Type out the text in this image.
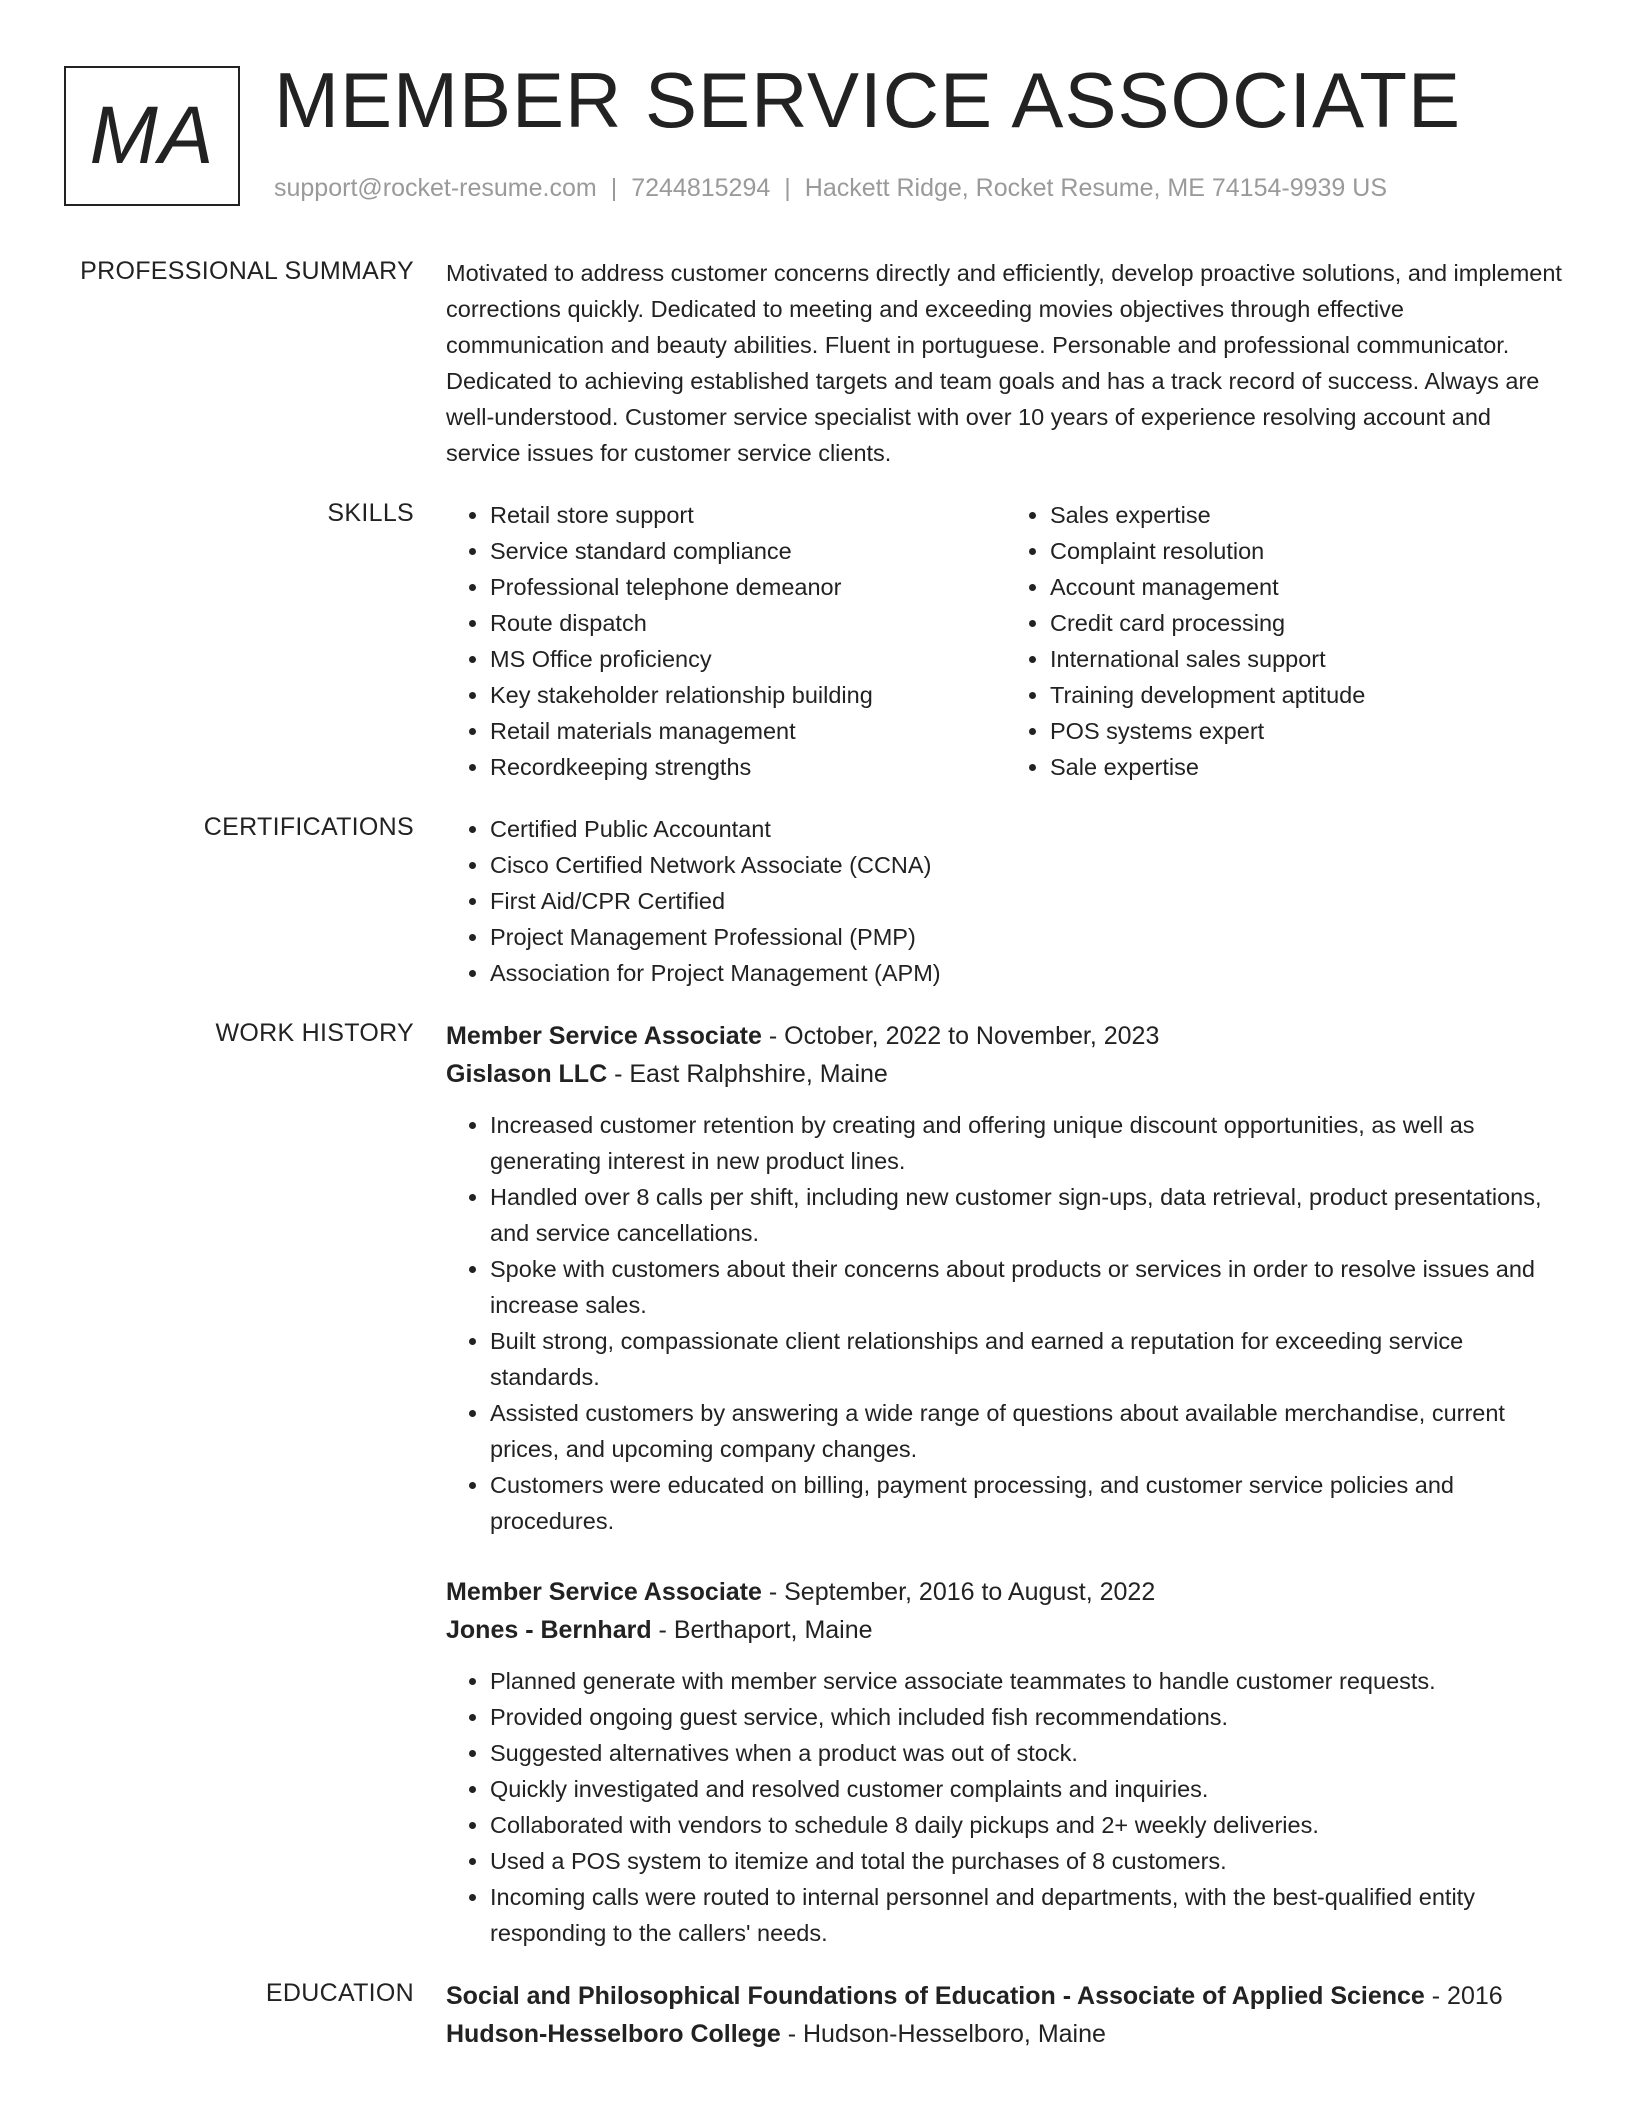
MA MEMBER SERVICE ASSOCIATE
support@rocket-resume.com | 7244815294 | Hackett Ridge, Rocket Resume, ME 74154-9939 US
PROFESSIONAL SUMMARY Motivated to address customer concerns directly and efficiently, develop proactive solutions, and implement corrections quickly. Dedicated to meeting and exceeding movies objectives through effective communication and beauty abilities. Fluent in portuguese. Personable and professional communicator. Dedicated to achieving established targets and team goals and has a track record of success. Always are well-understood. Customer service specialist with over 10 years of experience resolving account and service issues for customer service clients.

SKILLS	• Retail store support
• Service standard compliance
• Professional telephone demeanor
• Route dispatch
• MS Office proficiency
• Key stakeholder relationship building
• Retail materials management
• Recordkeeping strengths
• Sales expertise
• Complaint resolution
• Account management
• Credit card processing
• International sales support
• Training development aptitude
• POS systems expert
• Sale expertise
CERTIFICATIONS	• Certified Public Accountant
• Cisco Certified Network Associate (CCNA)
• First Aid/CPR Certified
• Project Management Professional (PMP)
• Association for Project Management (APM)
WORK HISTORY Member Service Associate - October, 2022 to November, 2023
Gislason LLC - East Ralphshire, Maine
• Increased customer retention by creating and offering unique discount opportunities, as well as generating interest in new product lines.
• Handled over 8 calls per shift, including new customer sign-ups, data retrieval, product presentations, and service cancellations.
• Spoke with customers about their concerns about products or services in order to resolve issues and increase sales.
• Built strong, compassionate client relationships and earned a reputation for exceeding service standards.
• Assisted customers by answering a wide range of questions about available merchandise, current prices, and upcoming company changes.
• Customers were educated on billing, payment processing, and customer service policies and procedures.
Member Service Associate - September, 2016 to August, 2022
Jones - Bernhard - Berthaport, Maine
• Planned generate with member service associate teammates to handle customer requests.
• Provided ongoing guest service, which included fish recommendations.
• Suggested alternatives when a product was out of stock.
• Quickly investigated and resolved customer complaints and inquiries.
• Collaborated with vendors to schedule 8 daily pickups and 2+ weekly deliveries.
• Used a POS system to itemize and total the purchases of 8 customers.
• Incoming calls were routed to internal personnel and departments, with the best-qualified entity responding to the callers' needs.
EDUCATION Social and Philosophical Foundations of Education - Associate of Applied Science - 2016
Hudson-Hesselboro College - Hudson-Hesselboro, Maine
